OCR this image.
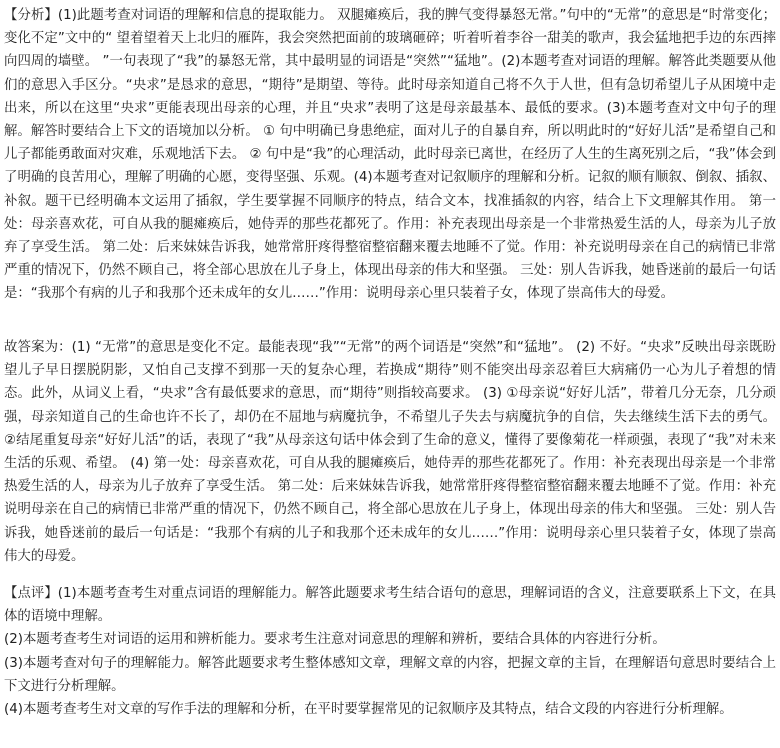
【分析】(1)此题考查对词语的理解和信息的提取能力。 双腿瘫痪后，我的脾气变得暴怒无常。”句中的“无常”的意思是“时常变化；变化不定”文中的“ 望着望着天上北归的雁阵，我会突然把面前的玻璃砸碎；听着听着李谷一甜美的歌声，我会猛地把手边的东西摔向四周的墙壁。 ”一句表现了“我”的暴怒无常，其中最明显的词语是“突然”“猛地”。(2)本题考查对词语的理解。解答此类题要从他们的意思入手区分。“央求”是恳求的意思，“期待”是期望、等待。此时母亲知道自己将不久于人世，但有急切希望儿子从困境中走出来，所以在这里“央求”更能表现出母亲的心理，并且“央求”表明了这是母亲最基本、最低的要求。(3)本题考查对文中句子的理解。解答时要结合上下文的语境加以分析。 ① 句中明确已身患绝症，面对儿子的自暴自弃，所以明此时的“好好儿活”是希望自己和儿子都能勇敢面对灾难，乐观地活下去。 ② 句中是“我”的心理活动，此时母亲已离世，在经历了人生的生离死别之后，“我”体会到了明确的良苦用心，理解了明确的心愿，变得坚强、乐观。(4)本题考查对记叙顺序的理解和分析。记叙的顺有顺叙、倒叙、插叙、补叙。题干已经明确本文运用了插叙，学生要掌握不同顺序的特点，结合文本，找准插叙的内容，结合上下文理解其作用。 第一处：母亲喜欢花，可自从我的腿瘫痪后，她侍弄的那些花都死了。作用：补充表现出母亲是一个非常热爱生活的人，母亲为儿子放弃了享受生活。 第二处：后来妹妹告诉我，她常常肝疼得整宿整宿翻来覆去地睡不了觉。作用：补充说明母亲在自己的病情已非常严重的情况下，仍然不顾自己，将全部心思放在儿子身上，体现出母亲的伟大和坚强。 三处：别人告诉我，她昏迷前的最后一句话是：“我那个有病的儿子和我那个还未成年的女儿……”作用：说明母亲心里只装着子女，体现了崇高伟大的母爱。

故答案为：(1) “无常”的意思是变化不定。最能表现“我”“无常”的两个词语是“突然”和“猛地”。 (2) 不好。“央求”反映出母亲既盼望儿子早日摆脱阴影，又怕自己支撑不到那一天的复杂心理，若换成“期待”则不能突出母亲忍着巨大病痛仍一心为儿子着想的情态。此外，从词义上看，“央求”含有最低要求的意思，而“期待”则指较高要求。 (3) ①母亲说“好好儿活”，带着几分无奈，几分顽强，母亲知道自己的生命也许不长了，却仍在不屈地与病魔抗争，不希望儿子失去与病魔抗争的自信，失去继续生活下去的勇气。②结尾重复母亲“好好儿活”的话，表现了“我”从母亲这句话中体会到了生命的意义，懂得了要像菊花一样顽强，表现了“我”对未来生活的乐观、希望。 (4) 第一处：母亲喜欢花，可自从我的腿瘫痪后，她侍弄的那些花都死了。作用：补充表现出母亲是一个非常热爱生活的人，母亲为儿子放弃了享受生活。 第二处：后来妹妹告诉我，她常常肝疼得整宿整宿翻来覆去地睡不了觉。作用：补充说明母亲在自己的病情已非常严重的情况下，仍然不顾自己，将全部心思放在儿子身上，体现出母亲的伟大和坚强。 三处：别人告诉我，她昏迷前的最后一句话是：“我那个有病的儿子和我那个还未成年的女儿……”作用：说明母亲心里只装着子女，体现了崇高伟大的母爱。

【点评】(1)本题考查考生对重点词语的理解能力。解答此题要求考生结合语句的意思，理解词语的含义，注意要联系上下文，在具体的语境中理解。

(2)本题考查考生对词语的运用和辨析能力。要求考生注意对词意思的理解和辨析，要结合具体的内容进行分析。

(3)本题考查对句子的理解能力。解答此题要求考生整体感知文章，理解文章的内容，把握文章的主旨，在理解语句意思时要结合上下文进行分析理解。

(4)本题考查考生对文章的写作手法的理解和分析，在平时要掌握常见的记叙顺序及其特点，结合文段的内容进行分析理解。
